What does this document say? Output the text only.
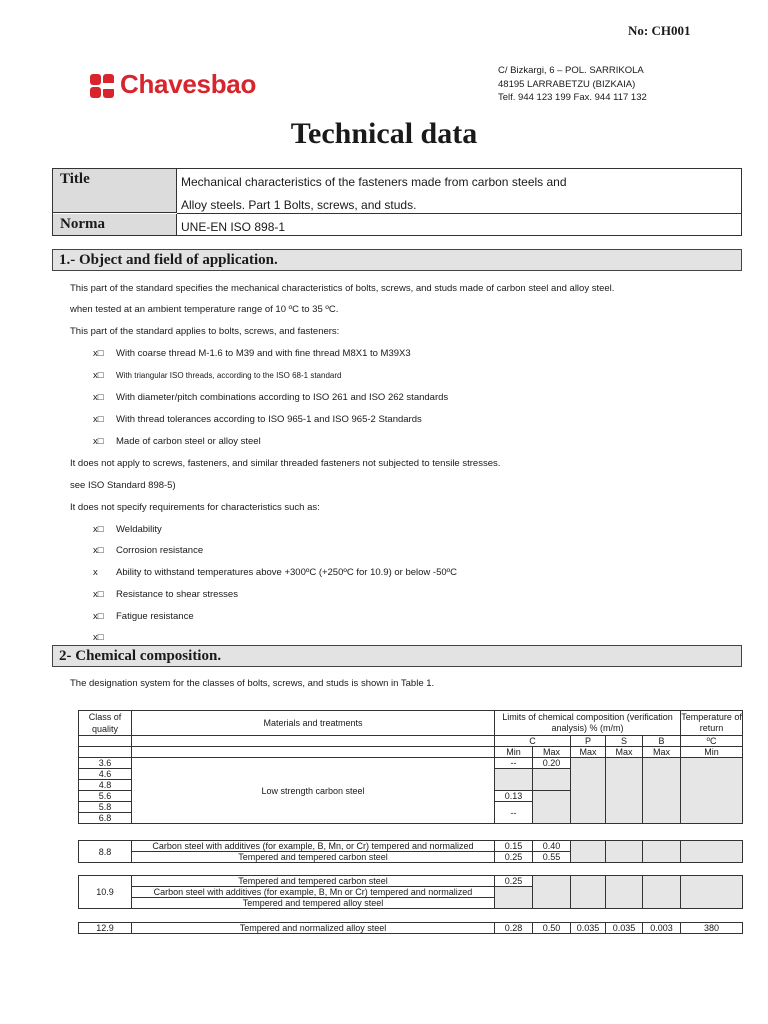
No: CH001
Chavesbao	C/ Bizkargi, 6 – POL. SARRIKOLA
48195 LARRABETZU (BIZKAIA)
Telf. 944 123 199 Fax. 944 117 132
Technical data
Title	Mechanical characteristics of the fasteners made from carbon steels and
Alloy steels. Part 1 Bolts, screws, and studs.
Norma	UNE-EN ISO 898-1
1.- Object and field of application.
This part of the standard specifies the mechanical characteristics of bolts, screws, and studs made of carbon steel and alloy steel.
when tested at an ambient temperature range of 10 ºC to 35 ºC.
This part of the standard applies to bolts, screws, and fasteners:
x□ With coarse thread M-1.6 to M39 and with fine thread M8X1 to M39X3
x□ With triangular ISO threads, according to the ISO 68-1 standard
x□ With diameter/pitch combinations according to ISO 261 and ISO 262 standards
x□ With thread tolerances according to ISO 965-1 and ISO 965-2 Standards
x□ Made of carbon steel or alloy steel
It does not apply to screws, fasteners, and similar threaded fasteners not subjected to tensile stresses.
see ISO Standard 898-5)
It does not specify requirements for characteristics such as:
x□ Weldability
x□ Corrosion resistance
x Ability to withstand temperatures above +300ºC (+250ºC for 10.9) or below -50ºC
x□ Resistance to shear stresses
x□ Fatigue resistance
x□
2- Chemical composition.
The designation system for the classes of bolts, screws, and studs is shown in Table 1.
Class of quality	Materials and treatments	Limits of chemical composition (verification analysis) % (m/m)					Temperature of return

		C		P	S	B	ºC
		Min	Max	Max	Max	Max	Min
3.6	Low strength carbon steel	--	0.20				
4.6							
4.8							
5.6		0.13					
5.8		--					
6.8							
8.8	Carbon steel with additives (for example, B, Mn, or Cr) tempered and normalized	0.15	0.40				
	Tempered and tempered carbon steel	0.25	0.55				
10.9	Tempered and tempered carbon steel	0.25					
	Carbon steel with additives (for example, B, Mn or Cr) tempered and normalized						
	Tempered and tempered alloy steel						
12.9	Tempered and normalized alloy steel	0.28	0.50	0.035	0.035	0.003	380
